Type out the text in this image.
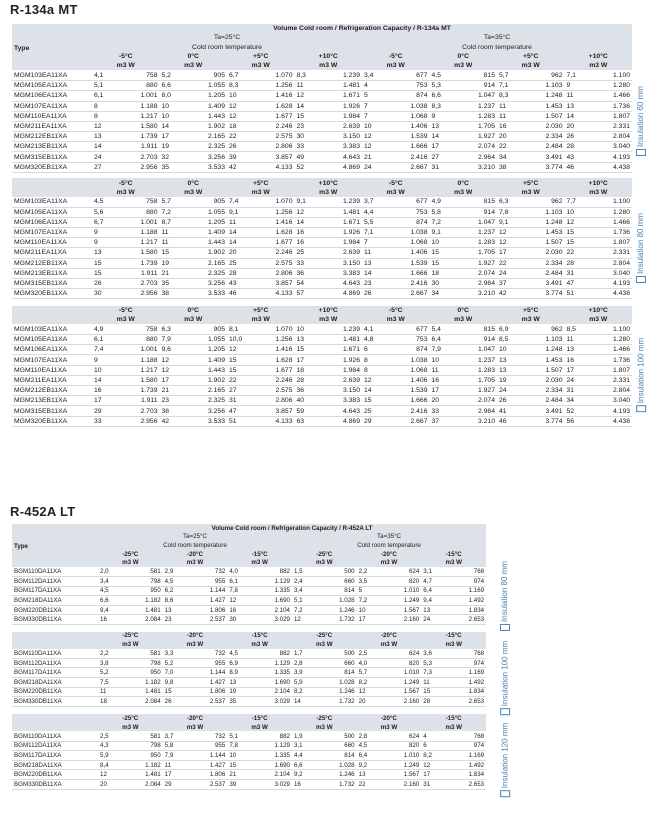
R-134a MT
Type	Volume Cold room / Refrigeration Capacity / R-134a MT															
	Ta=25°C								Ta=35°C							
	Cold room temperature								Cold room temperature							
	-5°C		0°C		+5°C		+10°C		-5°C		0°C		+5°C		+10°C	
	m3 W		m3 W		m3 W		m3 W		m3 W		m3 W		m3 W		m3 W	
MGM103EA11XA	4,1	758	5,2	905	6,7	1.070	8,3	1.239	3,4	677	4,5	815	5,7	962	7,1	1.100
MGM105EA11XA	5,1	880	6,6	1.055	8,3	1.256	11	1.481	4	753	5,3	914	7,1	1.103	9	1.280
MGM106EA11XA	6,1	1.001	8,0	1.205	10	1.416	12	1.671	5	874	6,6	1.047	8,3	1.248	11	1.466
MGM107EA11XA	8	1.188	10	1.409	12	1.628	14	1.926	7	1.038	8,3	1.237	11	1.453	13	1.736
MGM110EA11XA	8	1.217	10	1.443	12	1.677	15	1.984	7	1.068	9	1.283	11	1.507	14	1.807
MGM211EA11XA	12	1.580	14	1.902	18	2.246	23	2.639	10	1.406	13	1.705	16	2.030	20	2.331
MGM212EB11XA	13	1.739	17	2.165	22	2.575	30	3.150	12	1.539	14	1.927	20	2.334	26	2.804
MGM213EB11XA	14	1.911	19	2.325	26	2.806	33	3.383	12	1.666	17	2.074	22	2.484	28	3.040
MGM315EB11XA	24	2.703	32	3.256	39	3.857	49	4.643	21	2.416	27	2.964	34	3.491	43	4.193
MGM320EB11XA	27	2.956	35	3.533	42	4.133	52	4.869	24	2.667	31	3.210	38	3.774	46	4.438

	-5°C		0°C		+5°C		+10°C		-5°C		0°C		+5°C		+10°C	
	m3 W		m3 W		m3 W		m3 W		m3 W		m3 W		m3 W		m3 W	
MGM103EA11XA	4,5	758	5,7	905	7,4	1.070	9,1	1.239	3,7	677	4,9	815	6,3	962	7,7	1.100
MGM105EA11XA	5,6	880	7,2	1.055	9,1	1.256	12	1.481	4,4	753	5,8	914	7,8	1.103	10	1.280
MGM106EA11XA	6,7	1.001	8,7	1.205	11	1.416	14	1.671	5,5	874	7,2	1.047	9,1	1.248	12	1.466
MGM107EA11XA	9	1.188	11	1.409	14	1.628	16	1.926	7,1	1.038	9,1	1.237	12	1.453	15	1.736
MGM110EA11XA	9	1.217	11	1.443	14	1.677	16	1.984	7	1.068	10	1.283	12	1.507	15	1.807
MGM211EA11XA	13	1.580	15	1.902	20	2.246	25	2.639	11	1.406	15	1.705	17	2.030	22	2.331
MGM212EB11XA	15	1.739	19	2.165	25	2.575	33	3.150	13	1.539	15	1.927	22	2.334	28	2.804
MGM213EB11XA	15	1.911	21	2.325	28	2.806	36	3.383	14	1.666	18	2.074	24	2.484	31	3.040
MGM315EB11XA	26	2.703	35	3.256	43	3.857	54	4.643	23	2.416	30	2.964	37	3.491	47	4.193
MGM320EB11XA	30	2.956	38	3.533	46	4.133	57	4.869	26	2.667	34	3.210	42	3.774	51	4.438

	-5°C		0°C		+5°C		+10°C		-5°C		0°C		+5°C		+10°C	
	m3 W		m3 W		m3 W		m3 W		m3 W		m3 W		m3 W		m3 W	
MGM103EA11XA	4,9	758	6,3	905	8,1	1.070	10	1.239	4,1	677	5,4	815	6,9	962	8,5	1.100
MGM105EA11XA	6,1	880	7,9	1.055	10,0	1.256	13	1.481	4,8	753	6,4	914	8,5	1.103	11	1.280
MGM106EA11XA	7,4	1.001	9,6	1.205	12	1.416	15	1.671	6	874	7,9	1.047	10	1.248	13	1.466
MGM107EA11XA	9	1.188	12	1.409	15	1.628	17	1.926	8	1.038	10	1.237	13	1.453	16	1.736
MGM110EA11XA	10	1.217	12	1.443	15	1.677	18	1.984	8	1.068	11	1.283	13	1.507	17	1.807
MGM211EA11XA	14	1.580	17	1.902	22	2.246	28	2.639	12	1.406	16	1.705	19	2.030	24	2.331
MGM212EB11XA	16	1.739	21	2.165	27	2.575	36	3.150	14	1.539	17	1.927	24	2.334	31	2.804
MGM213EB11XA	17	1.911	23	2.325	31	2.806	40	3.383	15	1.666	20	2.074	26	2.484	34	3.040
MGM315EB11XA	29	2.703	38	3.256	47	3.857	59	4.643	25	2.416	33	2.964	41	3.491	52	4.193
MGM320EB11XA	33	2.956	42	3.533	51	4.133	63	4.869	29	2.667	37	3.210	46	3.774	56	4.438
R-452A LT
Type	Volume Cold room / Refrigeration Capacity / R-452A LT											
	Ta=25°C						Ta=35°C					
	Cold room temperature						Cold room temperature					
	-25°C		-20°C		-15°C		-25°C		-20°C		-15°C	
	m3 W		m3 W		m3 W		m3 W		m3 W		m3 W	
BGM110DA11XA	2,0	581	2,9	732	4,0	882	1,5	500	2,2	624	3,1	768
BGM112DA11XA	3,4	798	4,5	955	6,1	1.129	2,4	660	3,5	820	4,7	974
BGM117DA11XA	4,5	950	6,2	1.144	7,8	1.335	3,4	814	5	1.010	6,4	1.169
BGM218DA11XA	6,6	1.182	8,6	1.427	12	1.690	5,1	1.028	7,2	1.249	9,4	1.492
BGM220DB11XA	9,4	1.481	13	1.806	16	2.104	7,2	1.246	10	1.567	13	1.834
BGM330DB11XA	16	2.084	23	2.537	30	3.029	12	1.732	17	2.160	24	2.653

	-25°C		-20°C		-15°C		-25°C		-20°C		-15°C	
	m3 W		m3 W		m3 W		m3 W		m3 W		m3 W	
BGM110DA11XA	2,2	581	3,3	732	4,5	882	1,7	500	2,5	624	3,6	768
BGM112DA11XA	3,8	798	5,2	955	6,9	1.129	2,8	660	4,0	820	5,3	974
BGM117DA11XA	5,2	950	7,0	1.144	8,9	1.335	3,9	814	5,7	1.010	7,3	1.169
BGM218DA11XA	7,5	1.182	9,8	1.427	13	1.690	5,9	1.028	8,2	1.249	11	1.492
BGM220DB11XA	11	1.481	15	1.806	19	2.104	8,2	1.246	12	1.567	15	1.834
BGM330DB11XA	18	2.084	26	2.537	35	3.029	14	1.732	20	2.160	28	2.653

	-25°C		-20°C		-15°C		-25°C		-20°C		-15°C	
	m3 W		m3 W		m3 W		m3 W		m3 W		m3 W	
BGM110DA11XA	2,5	581	3,7	732	5,1	882	1,9	500	2,8	624	4	768
BGM112DA11XA	4,3	798	5,8	955	7,8	1.129	3,1	660	4,5	820	6	974
BGM117DA11XA	5,9	950	7,9	1.144	10	1.335	4,4	814	6,4	1.010	8,2	1.169
BGM218DA11XA	8,4	1.182	11	1.427	15	1.690	6,6	1.028	9,2	1.249	12	1.492
BGM220DB11XA	12	1.481	17	1.806	21	2.104	9,2	1.246	13	1.567	17	1.834
BGM330DB11XA	20	2.084	29	2.537	39	3.029	16	1.732	22	2.160	31	2.653
Insulation 60 mm
Insulation 80 mm
Insulation 100 mm
Insulation 80 mm
Insulation 100 mm
Insulation 120 mm
